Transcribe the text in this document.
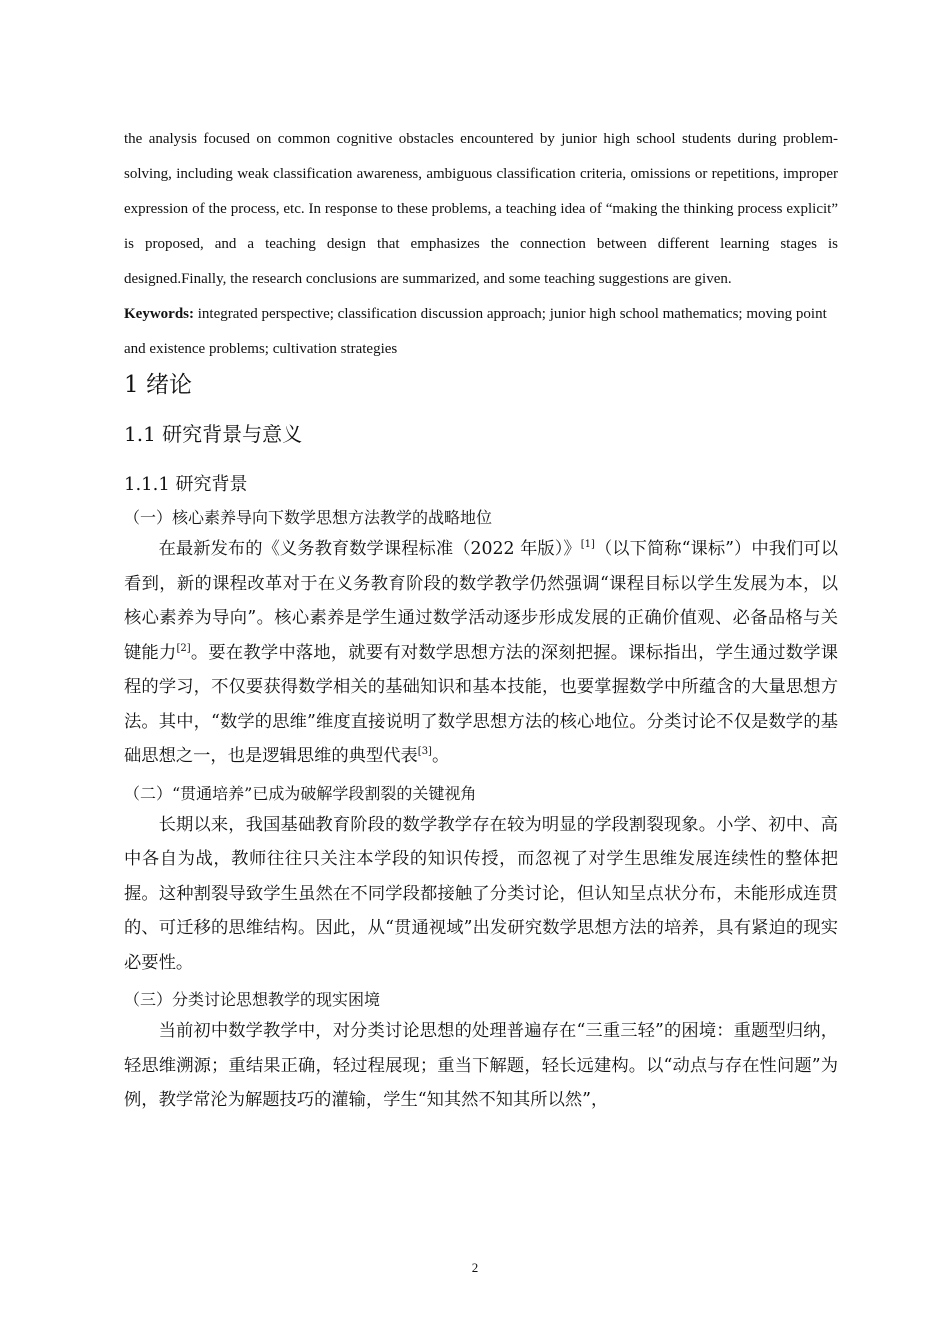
the analysis focused on common cognitive obstacles encountered by junior high school students during problem-solving, including weak classification awareness, ambiguous classification criteria, omissions or repetitions, improper expression of the process, etc. In response to these problems, a teaching idea of “making the thinking process explicit” is proposed, and a teaching design that emphasizes the connection between different learning stages is designed.Finally, the research conclusions are summarized, and some teaching suggestions are given.

Keywords: integrated perspective; classification discussion approach; junior high school mathematics; moving point and existence problems; cultivation strategies

1 绪论
1.1 研究背景与意义
1.1.1 研究背景
（一）核心素养导向下数学思想方法教学的战略地位

在最新发布的《义务教育数学课程标准（2022 年版）》[1]（以下简称“课标”）中我们可以看到，新的课程改革对于在义务教育阶段的数学教学仍然强调“课程目标以学生发展为本，以核心素养为导向”。核心素养是学生通过数学活动逐步形成发展的正确价值观、必备品格与关键能力[2]。要在教学中落地，就要有对数学思想方法的深刻把握。课标指出，学生通过数学课程的学习，不仅要获得数学相关的基础知识和基本技能，也要掌握数学中所蕴含的大量思想方法。其中，“数学的思维”维度直接说明了数学思想方法的核心地位。分类讨论不仅是数学的基础思想之一，也是逻辑思维的典型代表[3]。

（二）“贯通培养”已成为破解学段割裂的关键视角

长期以来，我国基础教育阶段的数学教学存在较为明显的学段割裂现象。小学、初中、高中各自为战，教师往往只关注本学段的知识传授，而忽视了对学生思维发展连续性的整体把握。这种割裂导致学生虽然在不同学段都接触了分类讨论，但认知呈点状分布，未能形成连贯的、可迁移的思维结构。因此，从“贯通视域”出发研究数学思想方法的培养，具有紧迫的现实必要性。

（三）分类讨论思想教学的现实困境

当前初中数学教学中，对分类讨论思想的处理普遍存在“三重三轻”的困境：重题型归纳，轻思维溯源；重结果正确，轻过程展现；重当下解题，轻长远建构。以“动点与存在性问题”为例，教学常沦为解题技巧的灌输，学生“知其然不知其所以然”，

2
